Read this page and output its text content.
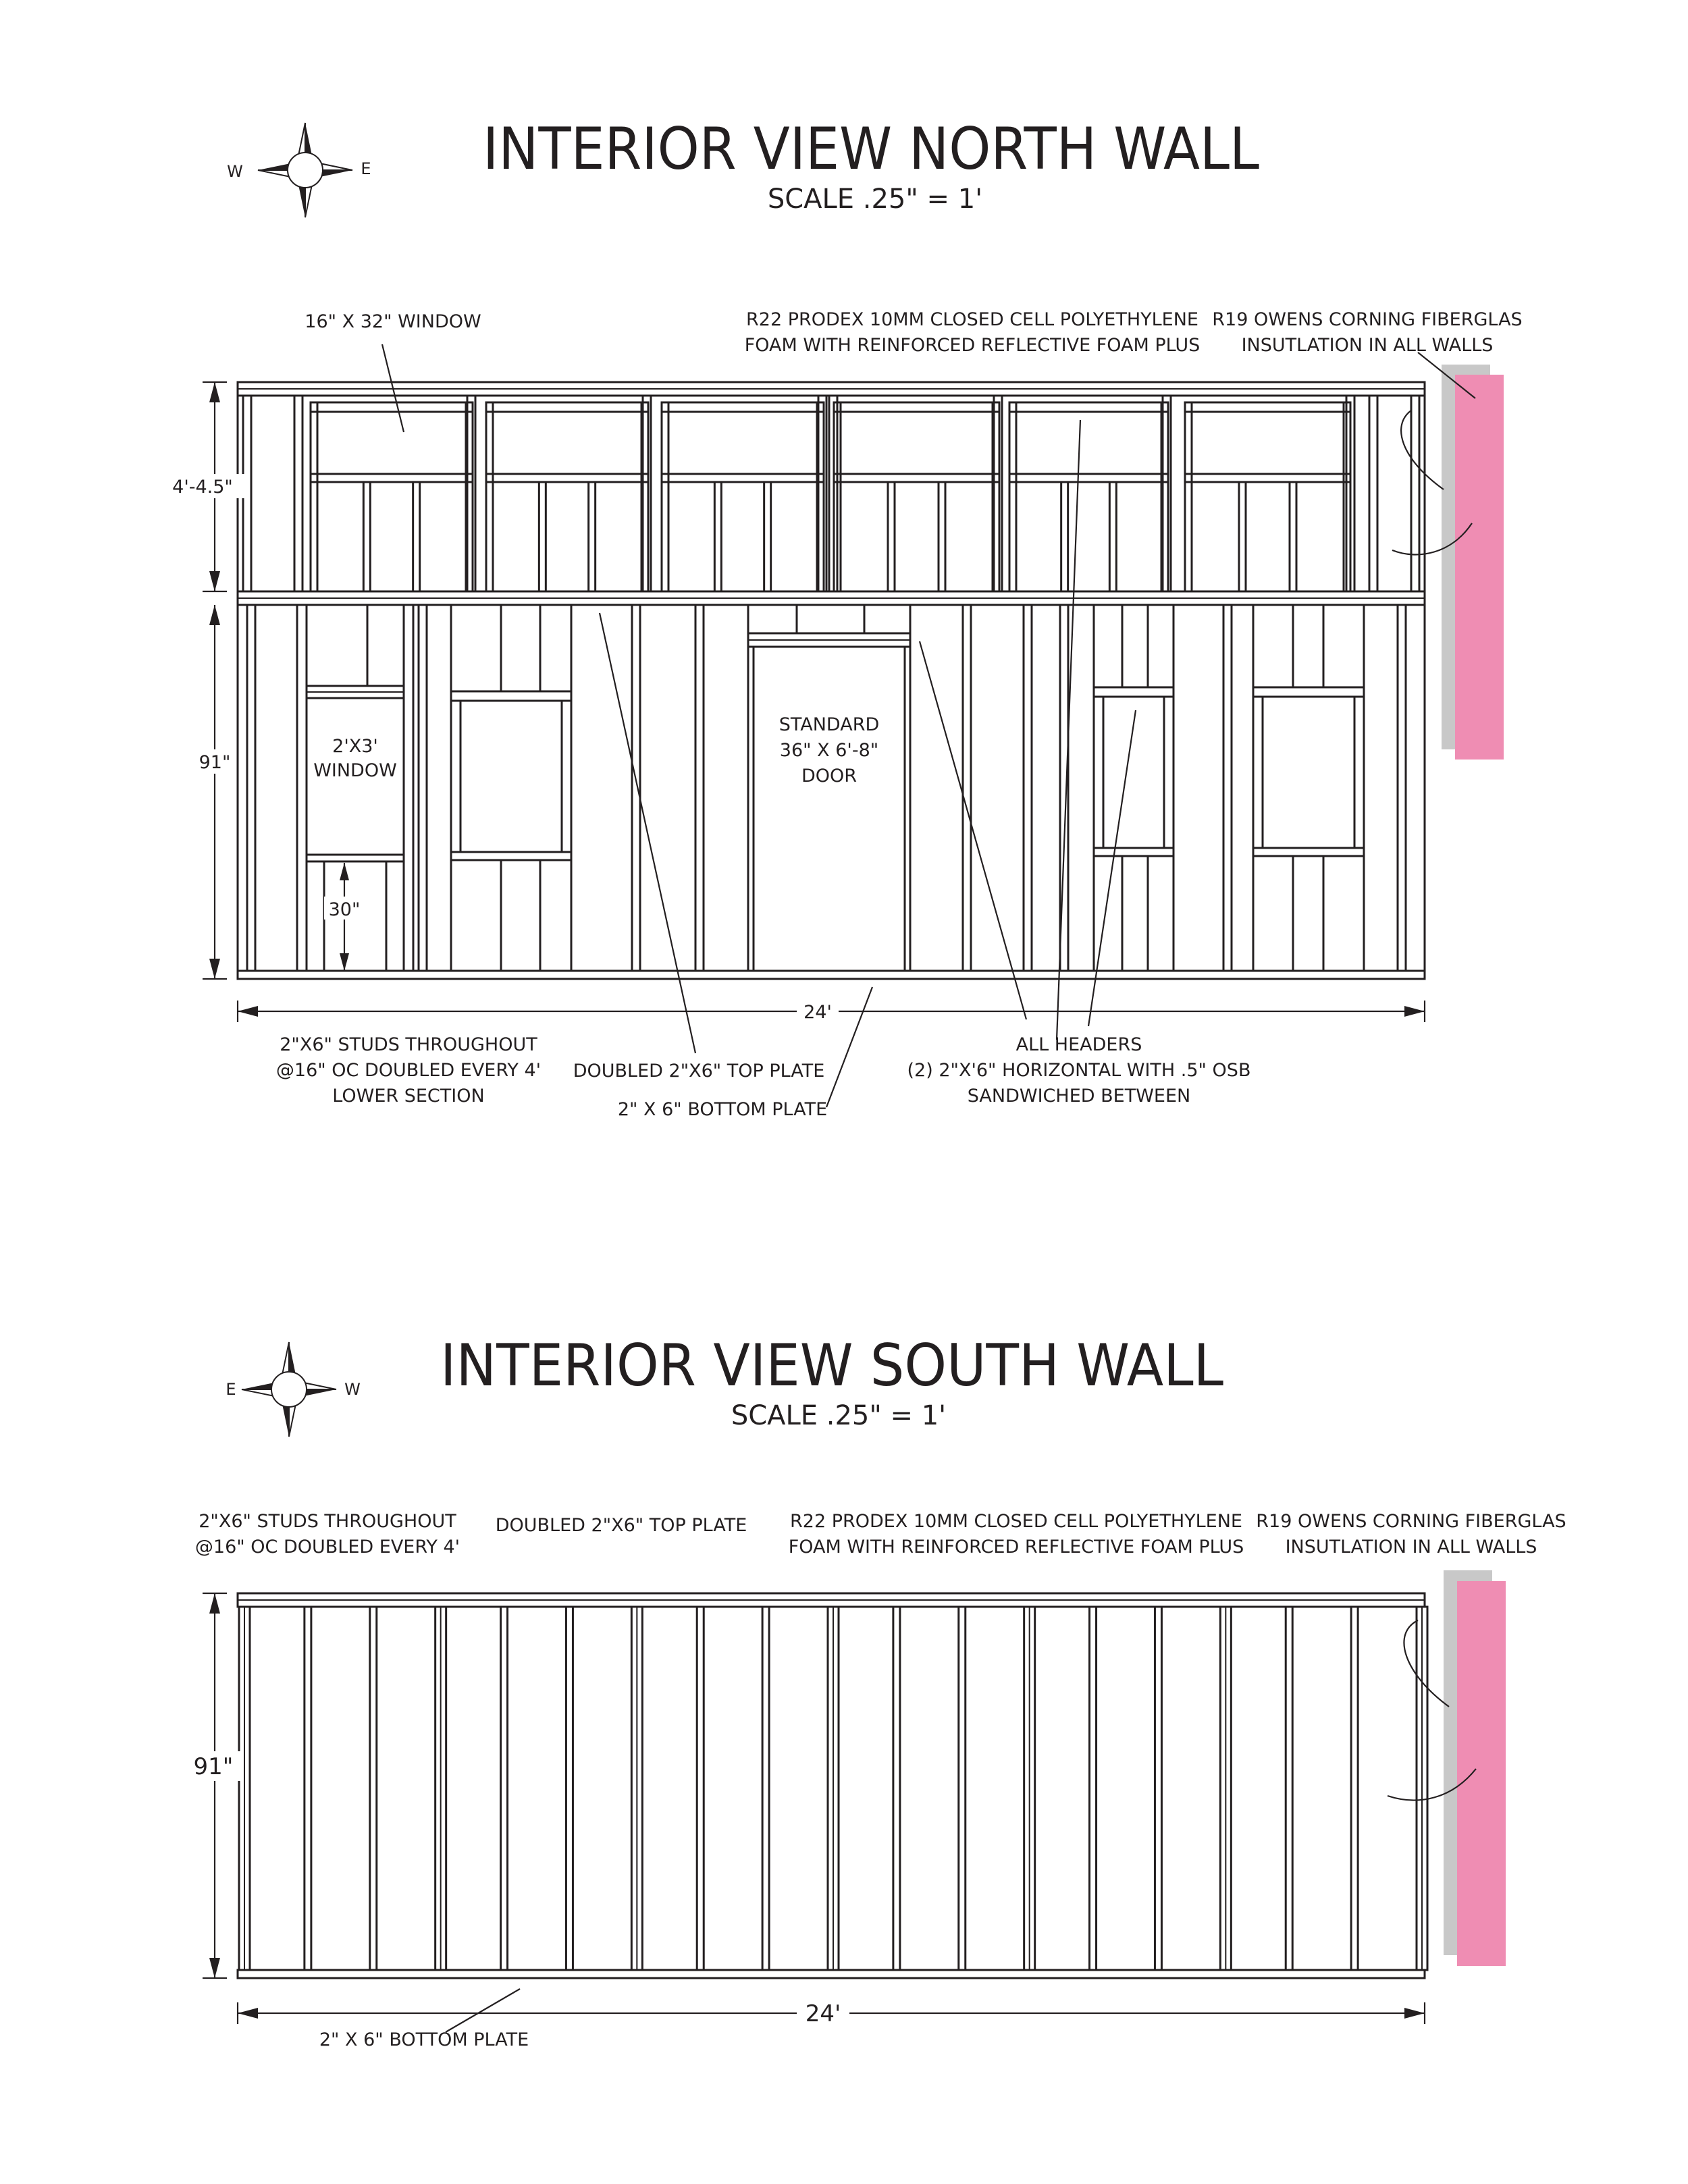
W	E INTERIOR VIEW NORTH WALL
SCALE .25" = 1'
16" X 32" WINDOW	R22 PRODEX 10MM CLOSED CELL POLYETHYLENE
FOAM WITH REINFORCED REFLECTIVE FOAM PLUS
R19 OWENS CORNING FIBERGLAS
INSUTLATION IN ALL WALLS
2'X3'
WINDOW
STANDARD
36" X 6'-8"
DOOR
4'-4.5"
91"
30"
24'
2"X6" STUDS THROUGHOUT
@16" OC DOUBLED EVERY 4'
LOWER SECTION
DOUBLED 2"X6" TOP PLATE
2" X 6" BOTTOM PLATE
ALL HEADERS
(2) 2"X'6" HORIZONTAL WITH .5" OSB
SANDWICHED BETWEEN
E	W INTERIOR VIEW SOUTH WALL
SCALE .25" = 1'
2"X6" STUDS THROUGHOUT
@16" OC DOUBLED EVERY 4'
DOUBLED 2"X6" TOP PLATE R22 PRODEX 10MM CLOSED CELL POLYETHYLENE
FOAM WITH REINFORCED REFLECTIVE FOAM PLUS
R19 OWENS CORNING FIBERGLAS
INSUTLATION IN ALL WALLS
91"
24'
2" X 6" BOTTOM PLATE
